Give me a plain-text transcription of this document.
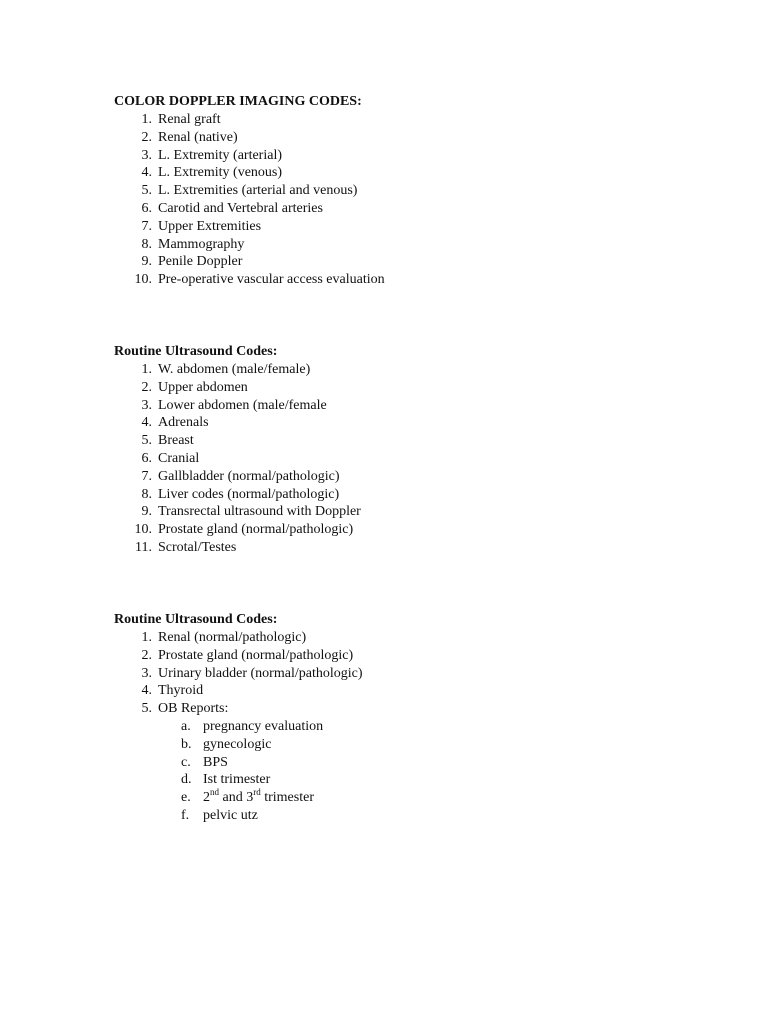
COLOR DOPPLER IMAGING CODES:
1. Renal graft
2. Renal (native)
3. L. Extremity (arterial)
4. L. Extremity (venous)
5. L. Extremities (arterial and venous)
6. Carotid and Vertebral arteries
7. Upper Extremities
8. Mammography
9. Penile Doppler
10. Pre-operative vascular access evaluation
Routine Ultrasound Codes:
1. W. abdomen (male/female)
2. Upper abdomen
3. Lower abdomen (male/female
4. Adrenals
5. Breast
6. Cranial
7. Gallbladder (normal/pathologic)
8. Liver codes (normal/pathologic)
9. Transrectal ultrasound with Doppler
10. Prostate gland (normal/pathologic)
11. Scrotal/Testes
Routine Ultrasound Codes:
1. Renal (normal/pathologic)
2. Prostate gland (normal/pathologic)
3. Urinary bladder (normal/pathologic)
4. Thyroid
5. OB Reports:
a. pregnancy evaluation
b. gynecologic
c. BPS
d. Ist trimester
e. 2nd and 3rd trimester
f. pelvic utz
